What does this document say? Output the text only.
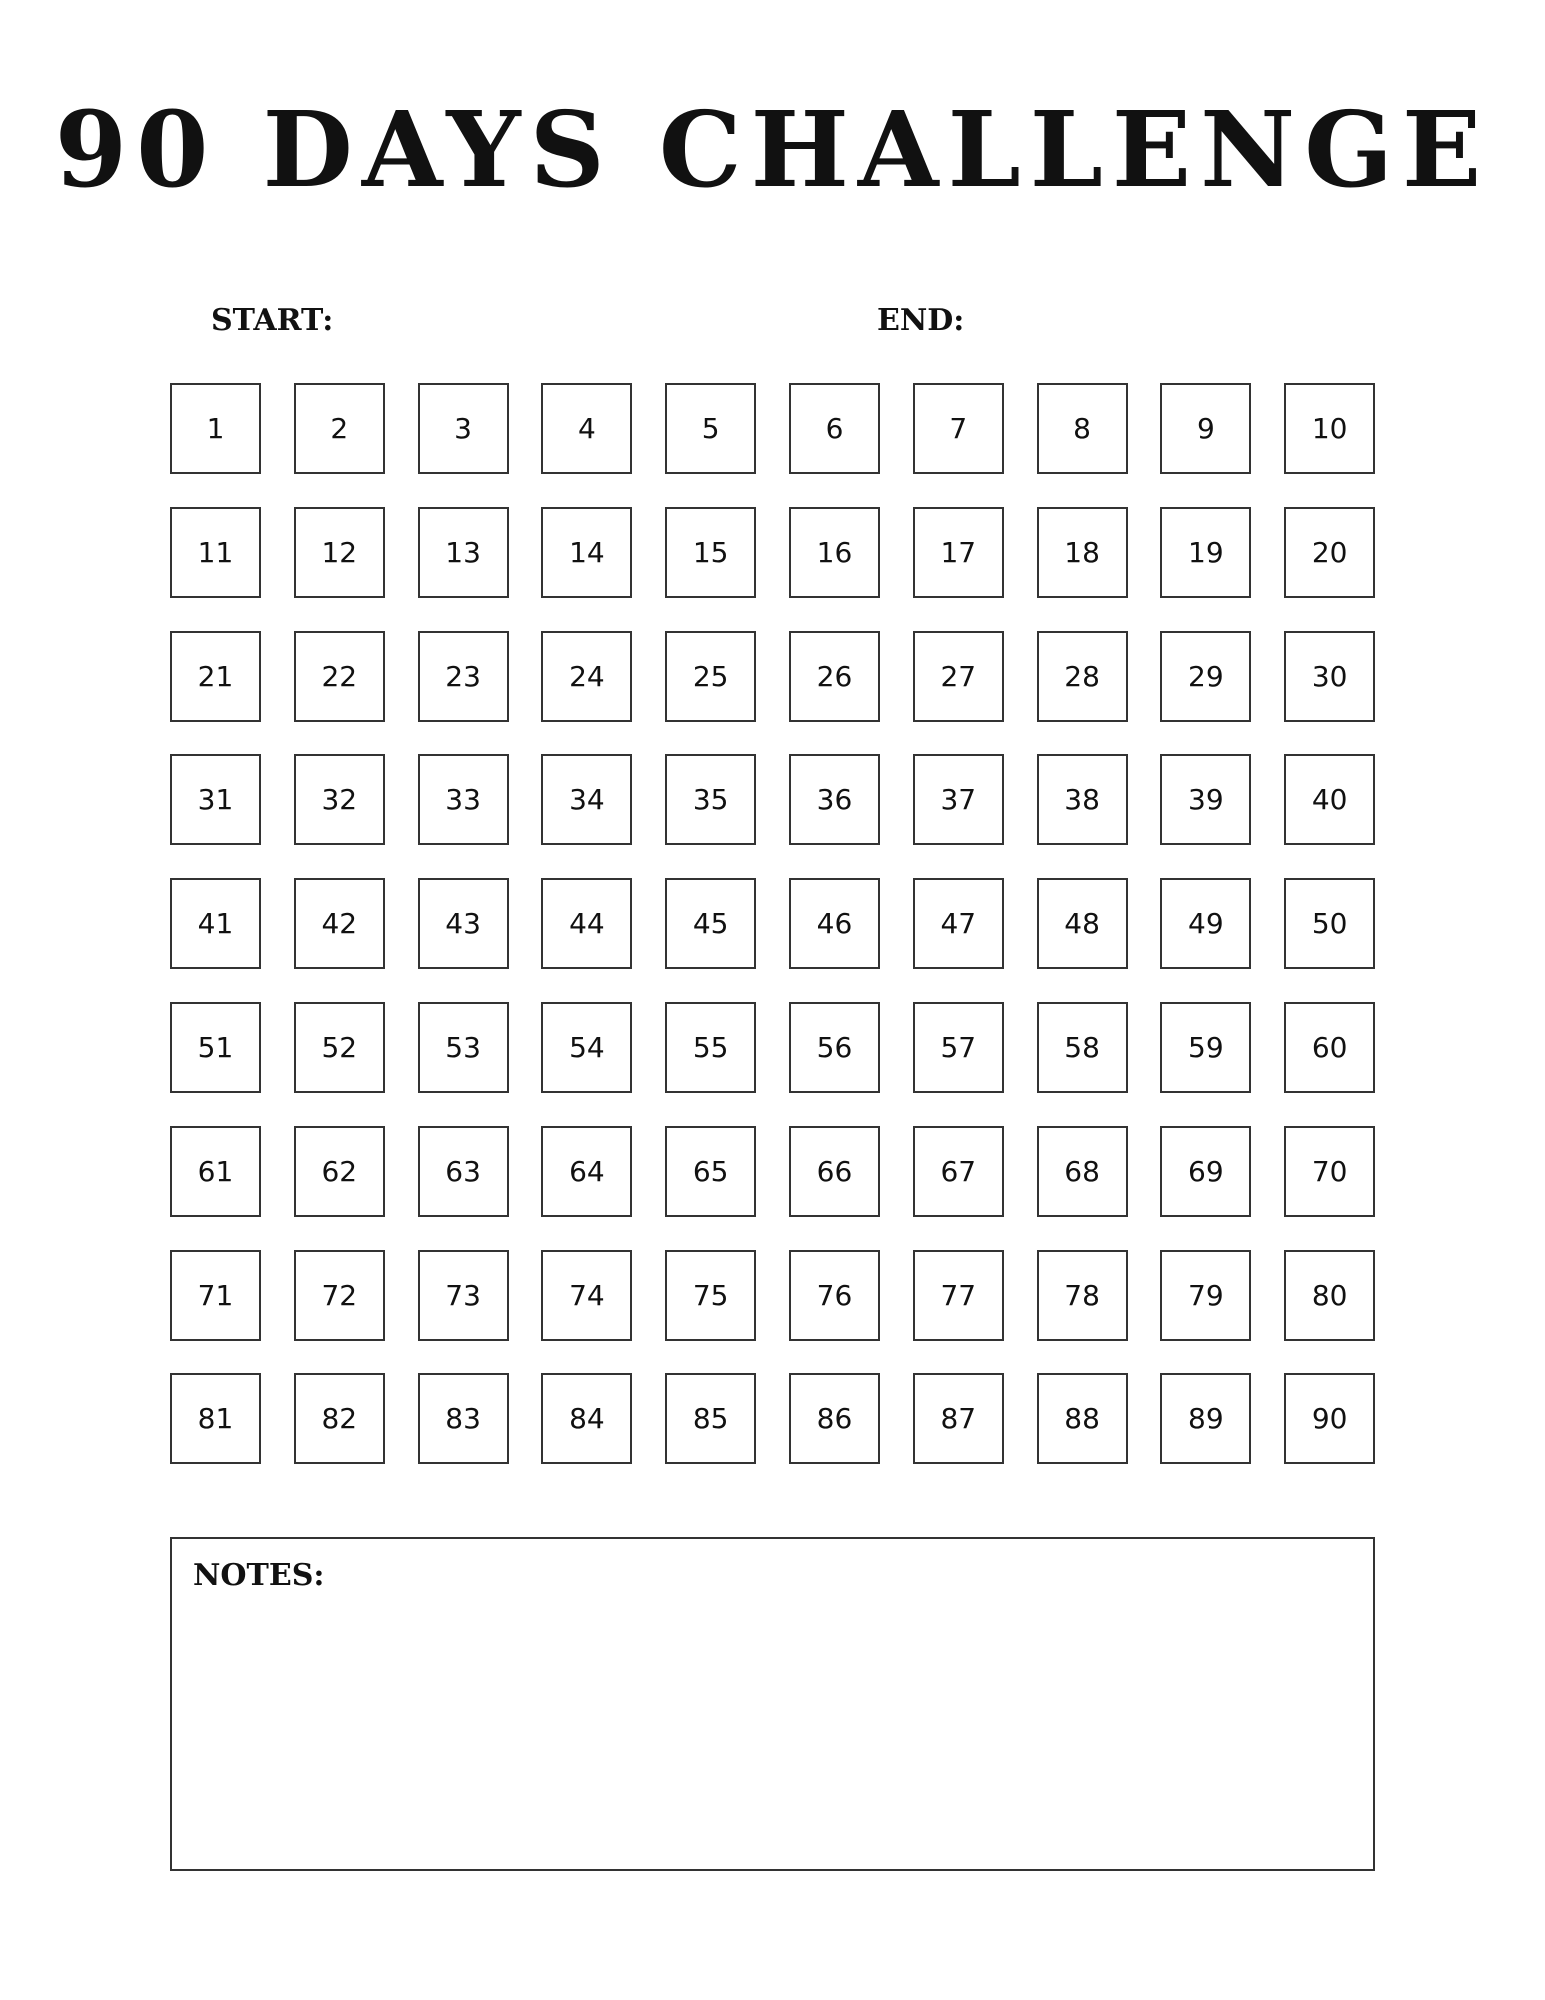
90 DAYS CHALLENGE
START:	END:
1	2	3	4	5	6	7	8	9	10
11	12	13	14	15	16	17	18	19	20
21	22	23	24	25	26	27	28	29	30
31	32	33	34	35	36	37	38	39	40
41	42	43	44	45	46	47	48	49	50
51	52	53	54	55	56	57	58	59	60
61	62	63	64	65	66	67	68	69	70
71	72	73	74	75	76	77	78	79	80
81	82	83	84	85	86	87	88	89	90
NOTES:
